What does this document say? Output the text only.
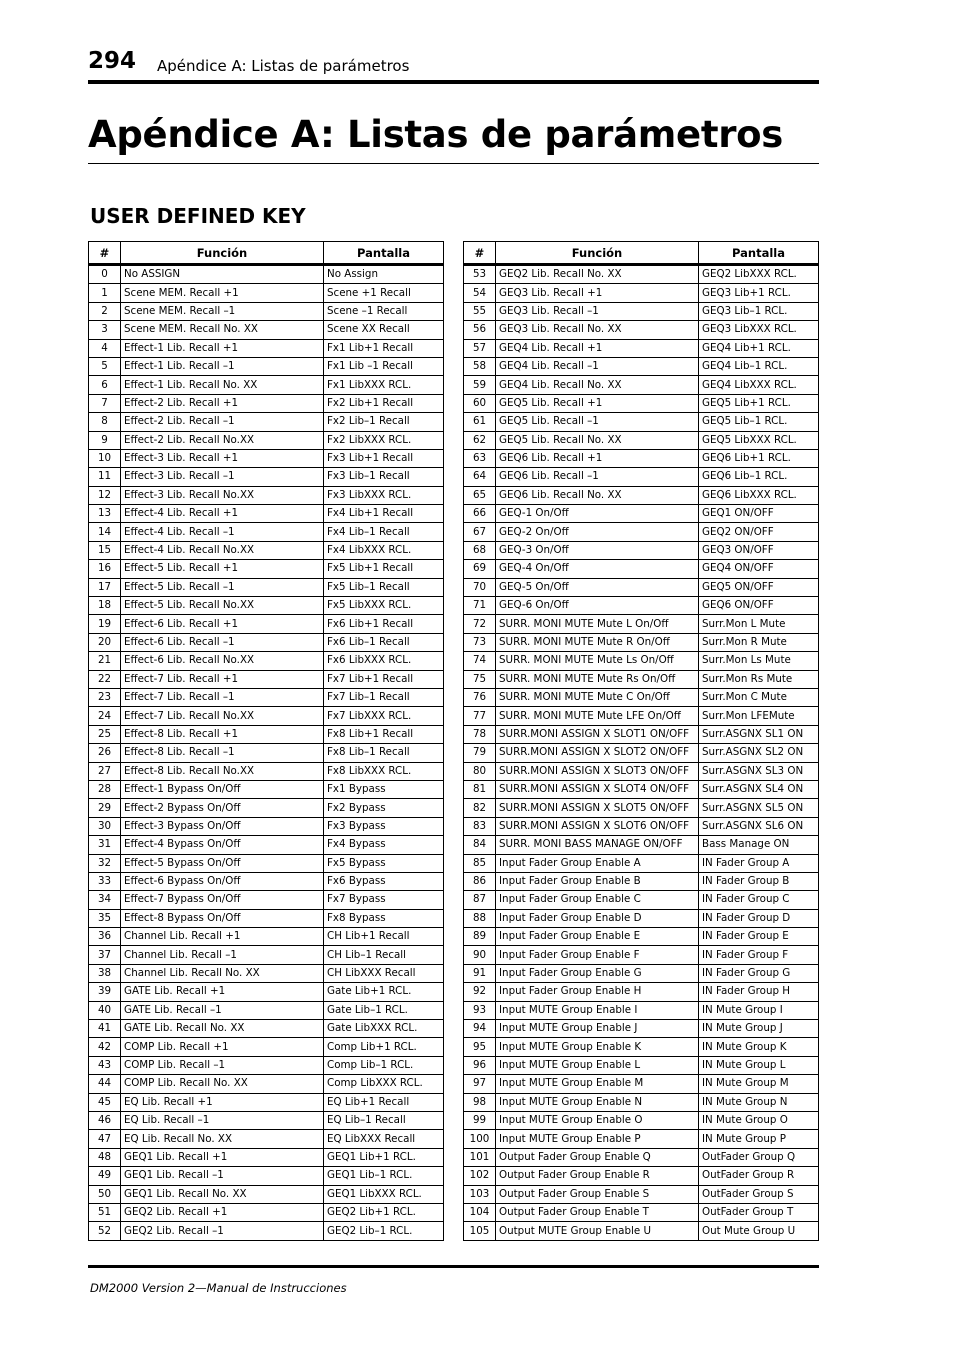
294 Apéndice A: Listas de parámetros
Apéndice A: Listas de parámetros
USER DEFINED KEY
#	Función	Pantalla
0	No ASSIGN	No Assign
1	Scene MEM. Recall +1	Scene +1 Recall
2	Scene MEM. Recall –1	Scene –1 Recall
3	Scene MEM. Recall No. XX	Scene XX Recall
4	Effect-1 Lib. Recall +1	Fx1 Lib+1 Recall
5	Effect-1 Lib. Recall –1	Fx1 Lib –1 Recall
6	Effect-1 Lib. Recall No. XX	Fx1 LibXXX RCL.
7	Effect-2 Lib. Recall +1	Fx2 Lib+1 Recall
8	Effect-2 Lib. Recall –1	Fx2 Lib–1 Recall
9	Effect-2 Lib. Recall No.XX	Fx2 LibXXX RCL.
10	Effect-3 Lib. Recall +1	Fx3 Lib+1 Recall
11	Effect-3 Lib. Recall –1	Fx3 Lib–1 Recall
12	Effect-3 Lib. Recall No.XX	Fx3 LibXXX RCL.
13	Effect-4 Lib. Recall +1	Fx4 Lib+1 Recall
14	Effect-4 Lib. Recall –1	Fx4 Lib–1 Recall
15	Effect-4 Lib. Recall No.XX	Fx4 LibXXX RCL.
16	Effect-5 Lib. Recall +1	Fx5 Lib+1 Recall
17	Effect-5 Lib. Recall –1	Fx5 Lib–1 Recall
18	Effect-5 Lib. Recall No.XX	Fx5 LibXXX RCL.
19	Effect-6 Lib. Recall +1	Fx6 Lib+1 Recall
20	Effect-6 Lib. Recall –1	Fx6 Lib–1 Recall
21	Effect-6 Lib. Recall No.XX	Fx6 LibXXX RCL.
22	Effect-7 Lib. Recall +1	Fx7 Lib+1 Recall
23	Effect-7 Lib. Recall –1	Fx7 Lib–1 Recall
24	Effect-7 Lib. Recall No.XX	Fx7 LibXXX RCL.
25	Effect-8 Lib. Recall +1	Fx8 Lib+1 Recall
26	Effect-8 Lib. Recall –1	Fx8 Lib–1 Recall
27	Effect-8 Lib. Recall No.XX	Fx8 LibXXX RCL.
28	Effect-1 Bypass On/Off	Fx1 Bypass
29	Effect-2 Bypass On/Off	Fx2 Bypass
30	Effect-3 Bypass On/Off	Fx3 Bypass
31	Effect-4 Bypass On/Off	Fx4 Bypass
32	Effect-5 Bypass On/Off	Fx5 Bypass
33	Effect-6 Bypass On/Off	Fx6 Bypass
34	Effect-7 Bypass On/Off	Fx7 Bypass
35	Effect-8 Bypass On/Off	Fx8 Bypass
36	Channel Lib. Recall +1	CH Lib+1 Recall
37	Channel Lib. Recall –1	CH Lib–1 Recall
38	Channel Lib. Recall No. XX	CH LibXXX Recall
39	GATE Lib. Recall +1	Gate Lib+1 RCL.
40	GATE Lib. Recall –1	Gate Lib–1 RCL.
41	GATE Lib. Recall No. XX	Gate LibXXX RCL.
42	COMP Lib. Recall +1	Comp Lib+1 RCL.
43	COMP Lib. Recall –1	Comp Lib–1 RCL.
44	COMP Lib. Recall No. XX	Comp LibXXX RCL.
45	EQ Lib. Recall +1	EQ Lib+1 Recall
46	EQ Lib. Recall –1	EQ Lib–1 Recall
47	EQ Lib. Recall No. XX	EQ LibXXX Recall
48	GEQ1 Lib. Recall +1	GEQ1 Lib+1 RCL.
49	GEQ1 Lib. Recall –1	GEQ1 Lib–1 RCL.
50	GEQ1 Lib. Recall No. XX	GEQ1 LibXXX RCL.
51	GEQ2 Lib. Recall +1	GEQ2 Lib+1 RCL.
52	GEQ2 Lib. Recall –1	GEQ2 Lib–1 RCL.
#	Función	Pantalla
53	GEQ2 Lib. Recall No. XX	GEQ2 LibXXX RCL.
54	GEQ3 Lib. Recall +1	GEQ3 Lib+1 RCL.
55	GEQ3 Lib. Recall –1	GEQ3 Lib–1 RCL.
56	GEQ3 Lib. Recall No. XX	GEQ3 LibXXX RCL.
57	GEQ4 Lib. Recall +1	GEQ4 Lib+1 RCL.
58	GEQ4 Lib. Recall –1	GEQ4 Lib–1 RCL.
59	GEQ4 Lib. Recall No. XX	GEQ4 LibXXX RCL.
60	GEQ5 Lib. Recall +1	GEQ5 Lib+1 RCL.
61	GEQ5 Lib. Recall –1	GEQ5 Lib–1 RCL.
62	GEQ5 Lib. Recall No. XX	GEQ5 LibXXX RCL.
63	GEQ6 Lib. Recall +1	GEQ6 Lib+1 RCL.
64	GEQ6 Lib. Recall –1	GEQ6 Lib–1 RCL.
65	GEQ6 Lib. Recall No. XX	GEQ6 LibXXX RCL.
66	GEQ-1 On/Off	GEQ1 ON/OFF
67	GEQ-2 On/Off	GEQ2 ON/OFF
68	GEQ-3 On/Off	GEQ3 ON/OFF
69	GEQ-4 On/Off	GEQ4 ON/OFF
70	GEQ-5 On/Off	GEQ5 ON/OFF
71	GEQ-6 On/Off	GEQ6 ON/OFF
72	SURR. MONI MUTE Mute L On/Off	Surr.Mon L Mute
73	SURR. MONI MUTE Mute R On/Off	Surr.Mon R Mute
74	SURR. MONI MUTE Mute Ls On/Off	Surr.Mon Ls Mute
75	SURR. MONI MUTE Mute Rs On/Off	Surr.Mon Rs Mute
76	SURR. MONI MUTE Mute C On/Off	Surr.Mon C Mute
77	SURR. MONI MUTE Mute LFE On/Off	Surr.Mon LFEMute
78	SURR.MONI ASSIGN X SLOT1 ON/OFF	Surr.ASGNX SL1 ON
79	SURR.MONI ASSIGN X SLOT2 ON/OFF	Surr.ASGNX SL2 ON
80	SURR.MONI ASSIGN X SLOT3 ON/OFF	Surr.ASGNX SL3 ON
81	SURR.MONI ASSIGN X SLOT4 ON/OFF	Surr.ASGNX SL4 ON
82	SURR.MONI ASSIGN X SLOT5 ON/OFF	Surr.ASGNX SL5 ON
83	SURR.MONI ASSIGN X SLOT6 ON/OFF	Surr.ASGNX SL6 ON
84	SURR. MONI BASS MANAGE ON/OFF	Bass Manage ON
85	Input Fader Group Enable A	IN Fader Group A
86	Input Fader Group Enable B	IN Fader Group B
87	Input Fader Group Enable C	IN Fader Group C
88	Input Fader Group Enable D	IN Fader Group D
89	Input Fader Group Enable E	IN Fader Group E
90	Input Fader Group Enable F	IN Fader Group F
91	Input Fader Group Enable G	IN Fader Group G
92	Input Fader Group Enable H	IN Fader Group H
93	Input MUTE Group Enable I	IN Mute Group I
94	Input MUTE Group Enable J	IN Mute Group J
95	Input MUTE Group Enable K	IN Mute Group K
96	Input MUTE Group Enable L	IN Mute Group L
97	Input MUTE Group Enable M	IN Mute Group M
98	Input MUTE Group Enable N	IN Mute Group N
99	Input MUTE Group Enable O	IN Mute Group O
100	Input MUTE Group Enable P	IN Mute Group P
101	Output Fader Group Enable Q	OutFader Group Q
102	Output Fader Group Enable R	OutFader Group R
103	Output Fader Group Enable S	OutFader Group S
104	Output Fader Group Enable T	OutFader Group T
105	Output MUTE Group Enable U	Out Mute Group U
DM2000 Version 2—Manual de Instrucciones
